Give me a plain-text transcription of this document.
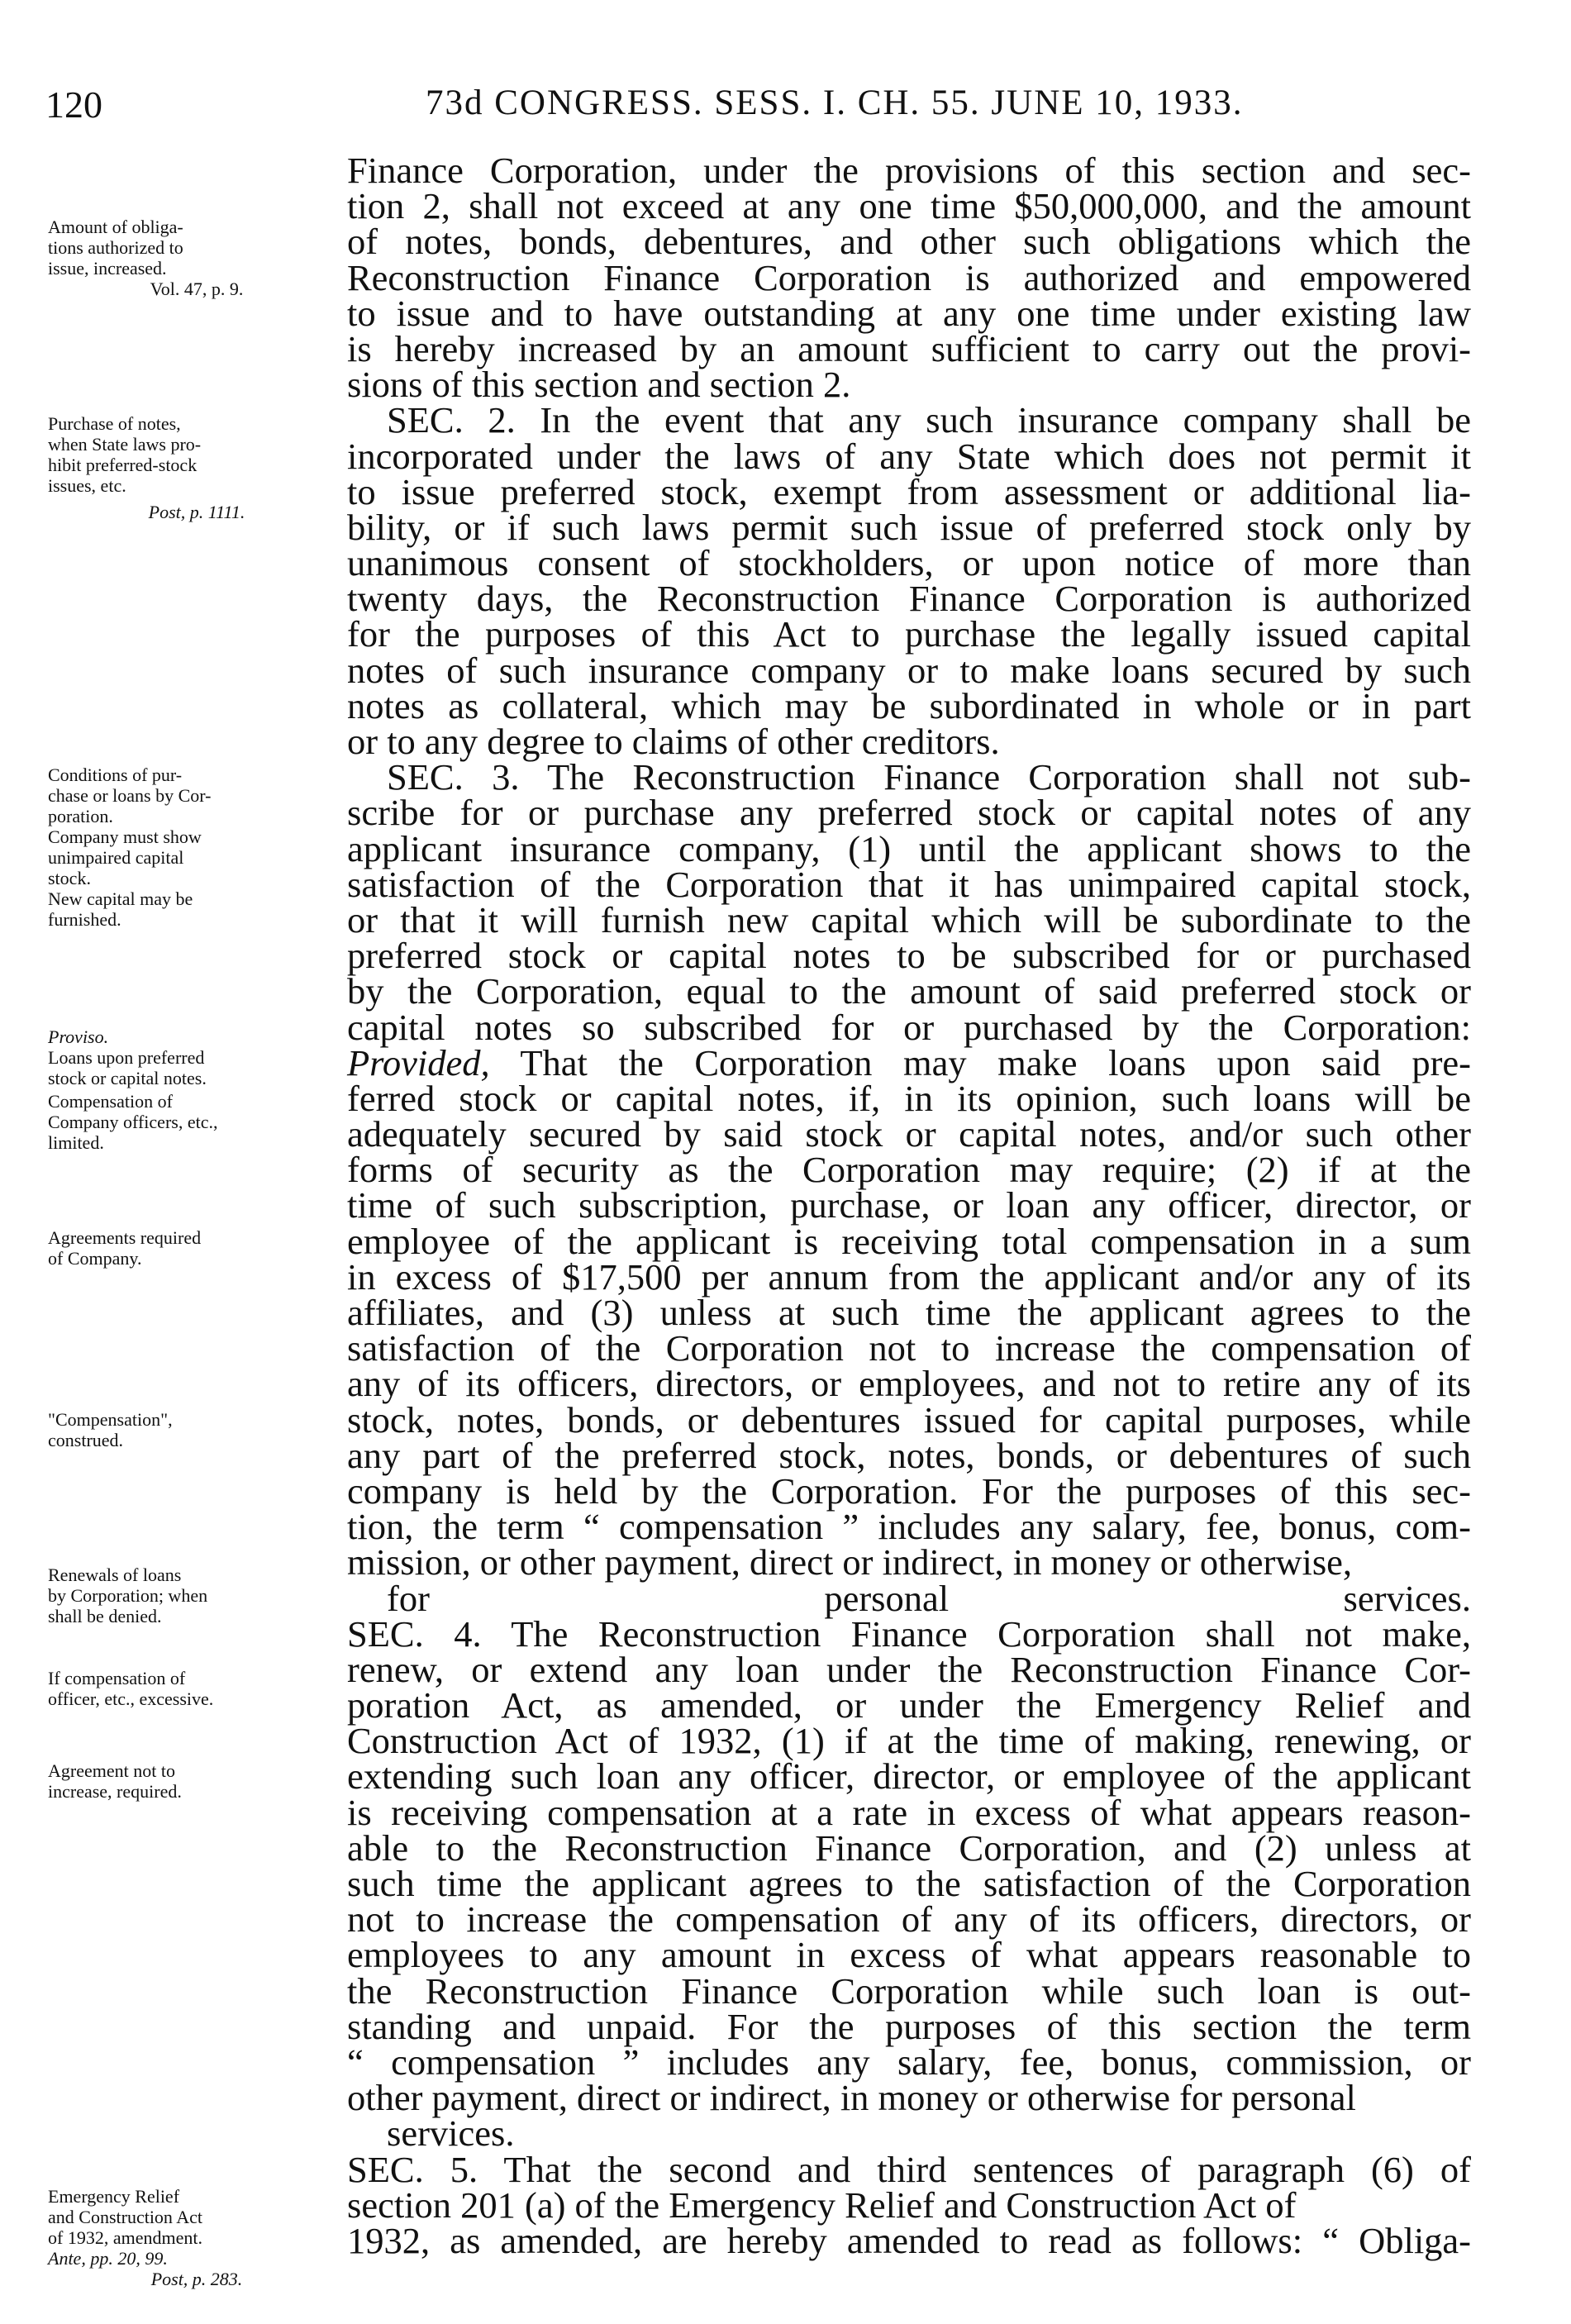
120	73d CONGRESS. SESS. I. CH. 55. JUNE 10, 1933.
Amount of obliga-
tions authorized to
issue, increased.
Vol. 47, p. 9.
Purchase of notes,
when State laws pro-
hibit preferred-stock
issues, etc.
Post, p. 1111.
Conditions of pur-
chase or loans by Cor-
poration.
Company must show
unimpaired capital
stock.
New capital may be
furnished.
Proviso.
Loans upon preferred
stock or capital notes.
Compensation of
Company officers, etc.,
limited.
Agreements required
of Company.
"Compensation",
construed.
Renewals of loans
by Corporation; when
shall be denied.
If compensation of
officer, etc., excessive.
Agreement not to
increase, required.
Emergency Relief
and Construction Act
of 1932, amendment.
Ante, pp. 20, 99.
Post, p. 283.
Finance Corporation, under the provisions of this section and sec-
tion 2, shall not exceed at any one time $50,000,000, and the amount
of notes, bonds, debentures, and other such obligations which the
Reconstruction Finance Corporation is authorized and empowered
to issue and to have outstanding at any one time under existing law
is hereby increased by an amount sufficient to carry out the provi-
sions of this section and section 2.
SEC. 2. In the event that any such insurance company shall be
incorporated under the laws of any State which does not permit it
to issue preferred stock, exempt from assessment or additional lia-
bility, or if such laws permit such issue of preferred stock only by
unanimous consent of stockholders, or upon notice of more than
twenty days, the Reconstruction Finance Corporation is authorized
for the purposes of this Act to purchase the legally issued capital
notes of such insurance company or to make loans secured by such
notes as collateral, which may be subordinated in whole or in part
or to any degree to claims of other creditors.
SEC. 3. The Reconstruction Finance Corporation shall not sub-
scribe for or purchase any preferred stock or capital notes of any
applicant insurance company, (1) until the applicant shows to the
satisfaction of the Corporation that it has unimpaired capital stock,
or that it will furnish new capital which will be subordinate to the
preferred stock or capital notes to be subscribed for or purchased
by the Corporation, equal to the amount of said preferred stock or
capital notes so subscribed for or purchased by the Corporation:
Provided, That the Corporation may make loans upon said pre-
ferred stock or capital notes, if, in its opinion, such loans will be
adequately secured by said stock or capital notes, and/or such other
forms of security as the Corporation may require; (2) if at the
time of such subscription, purchase, or loan any officer, director, or
employee of the applicant is receiving total compensation in a sum
in excess of $17,500 per annum from the applicant and/or any of its
affiliates, and (3) unless at such time the applicant agrees to the
satisfaction of the Corporation not to increase the compensation of
any of its officers, directors, or employees, and not to retire any of its
stock, notes, bonds, or debentures issued for capital purposes, while
any part of the preferred stock, notes, bonds, or debentures of such
company is held by the Corporation. For the purposes of this sec-
tion, the term “ compensation ” includes any salary, fee, bonus, com-
mission, or other payment, direct or indirect, in money or otherwise,
for personal services.
SEC. 4. The Reconstruction Finance Corporation shall not make,
renew, or extend any loan under the Reconstruction Finance Cor-
poration Act, as amended, or under the Emergency Relief and
Construction Act of 1932, (1) if at the time of making, renewing, or
extending such loan any officer, director, or employee of the applicant
is receiving compensation at a rate in excess of what appears reason-
able to the Reconstruction Finance Corporation, and (2) unless at
such time the applicant agrees to the satisfaction of the Corporation
not to increase the compensation of any of its officers, directors, or
employees to any amount in excess of what appears reasonable to
the Reconstruction Finance Corporation while such loan is out-
standing and unpaid. For the purposes of this section the term
“ compensation ” includes any salary, fee, bonus, commission, or
other payment, direct or indirect, in money or otherwise for personal
services.
SEC. 5. That the second and third sentences of paragraph (6) of
section 201 (a) of the Emergency Relief and Construction Act of
1932, as amended, are hereby amended to read as follows: “ Obliga-
